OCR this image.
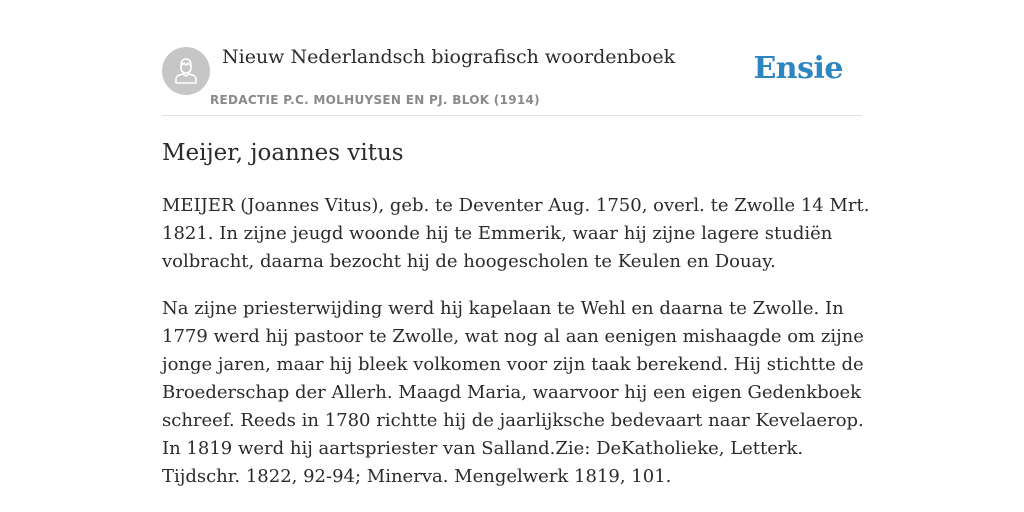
Nieuw Nederlandsch biografisch woordenboek
REDACTIE P.C. MOLHUYSEN EN PJ. BLOK (1914)
Ensie
Meijer, joannes vitus

MEIJER (Joannes Vitus), geb. te Deventer Aug. 1750, overl. te Zwolle 14 Mrt. 1821. In zijne jeugd woonde hij te Emmerik, waar hij zijne lagere studiën volbracht, daarna bezocht hij de hoogescholen te Keulen en Douay.

Na zijne priesterwijding werd hij kapelaan te Wehl en daarna te Zwolle. In 1779 werd hij pastoor te Zwolle, wat nog al aan eenigen mishaagde om zijne jonge jaren, maar hij bleek volkomen voor zijn taak berekend. Hij stichtte de Broederschap der Allerh. Maagd Maria, waarvoor hij een eigen Gedenkboek schreef. Reeds in 1780 richtte hij de jaarlijksche bedevaart naar Kevelaerop. In 1819 werd hij aartspriester van Salland.Zie: DeKatholieke, Letterk. Tijdschr. 1822, 92-94; Minerva. Mengelwerk 1819, 101.
